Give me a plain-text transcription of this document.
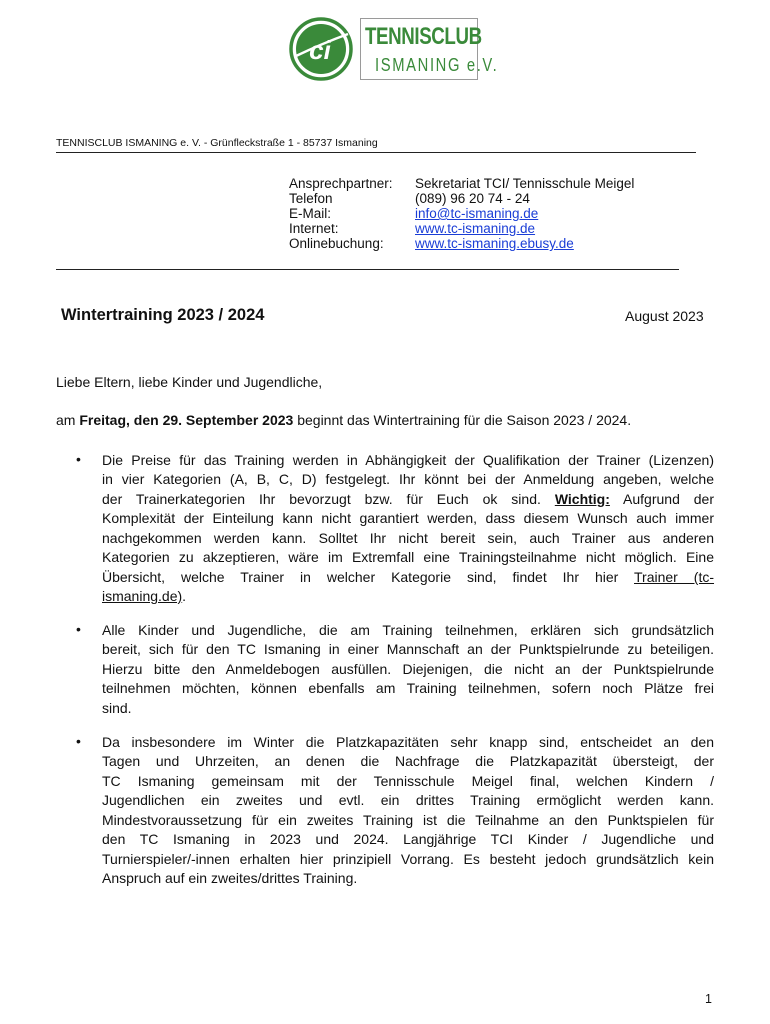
ci TENNISCLUB
ISMANING e.V.
TENNISCLUB ISMANING e. V. - Grünfleckstraße 1 - 85737 Ismaning
Ansprechpartner: Sekretariat TCI/ Tennisschule Meigel
Telefon	(089) 96 20 74 - 24
E-Mail:	info@tc-ismaning.de
Internet:	www.tc-ismaning.de
Onlinebuchung: www.tc-ismaning.ebusy.de
Wintertraining 2023 / 2024	August 2023
Liebe Eltern, liebe Kinder und Jugendliche,
am Freitag, den 29. September 2023 beginnt das Wintertraining für die Saison 2023 / 2024.
• Die Preise für das Training werden in Abhängigkeit der Qualifikation der Trainer (Lizenzen)
in vier Kategorien (A, B, C, D) festgelegt. Ihr könnt bei der Anmeldung angeben, welche
der Trainerkategorien Ihr bevorzugt bzw. für Euch ok sind. Wichtig: Aufgrund der
Komplexität der Einteilung kann nicht garantiert werden, dass diesem Wunsch auch immer
nachgekommen werden kann. Solltet Ihr nicht bereit sein, auch Trainer aus anderen
Kategorien zu akzeptieren, wäre im Extremfall eine Trainingsteilnahme nicht möglich. Eine
Übersicht, welche Trainer in welcher Kategorie sind, findet Ihr hier Trainer (tc-
ismaning.de).
• Alle Kinder und Jugendliche, die am Training teilnehmen, erklären sich grundsätzlich
bereit, sich für den TC Ismaning in einer Mannschaft an der Punktspielrunde zu beteiligen.
Hierzu bitte den Anmeldebogen ausfüllen. Diejenigen, die nicht an der Punktspielrunde
teilnehmen möchten, können ebenfalls am Training teilnehmen, sofern noch Plätze frei
sind.
• Da insbesondere im Winter die Platzkapazitäten sehr knapp sind, entscheidet an den
Tagen und Uhrzeiten, an denen die Nachfrage die Platzkapazität übersteigt, der
TC Ismaning gemeinsam mit der Tennisschule Meigel final, welchen Kindern /
Jugendlichen ein zweites und evtl. ein drittes Training ermöglicht werden kann.
Mindestvoraussetzung für ein zweites Training ist die Teilnahme an den Punktspielen für
den TC Ismaning in 2023 und 2024. Langjährige TCI Kinder / Jugendliche und
Turnierspieler/-innen erhalten hier prinzipiell Vorrang. Es besteht jedoch grundsätzlich kein
Anspruch auf ein zweites/drittes Training.
1
